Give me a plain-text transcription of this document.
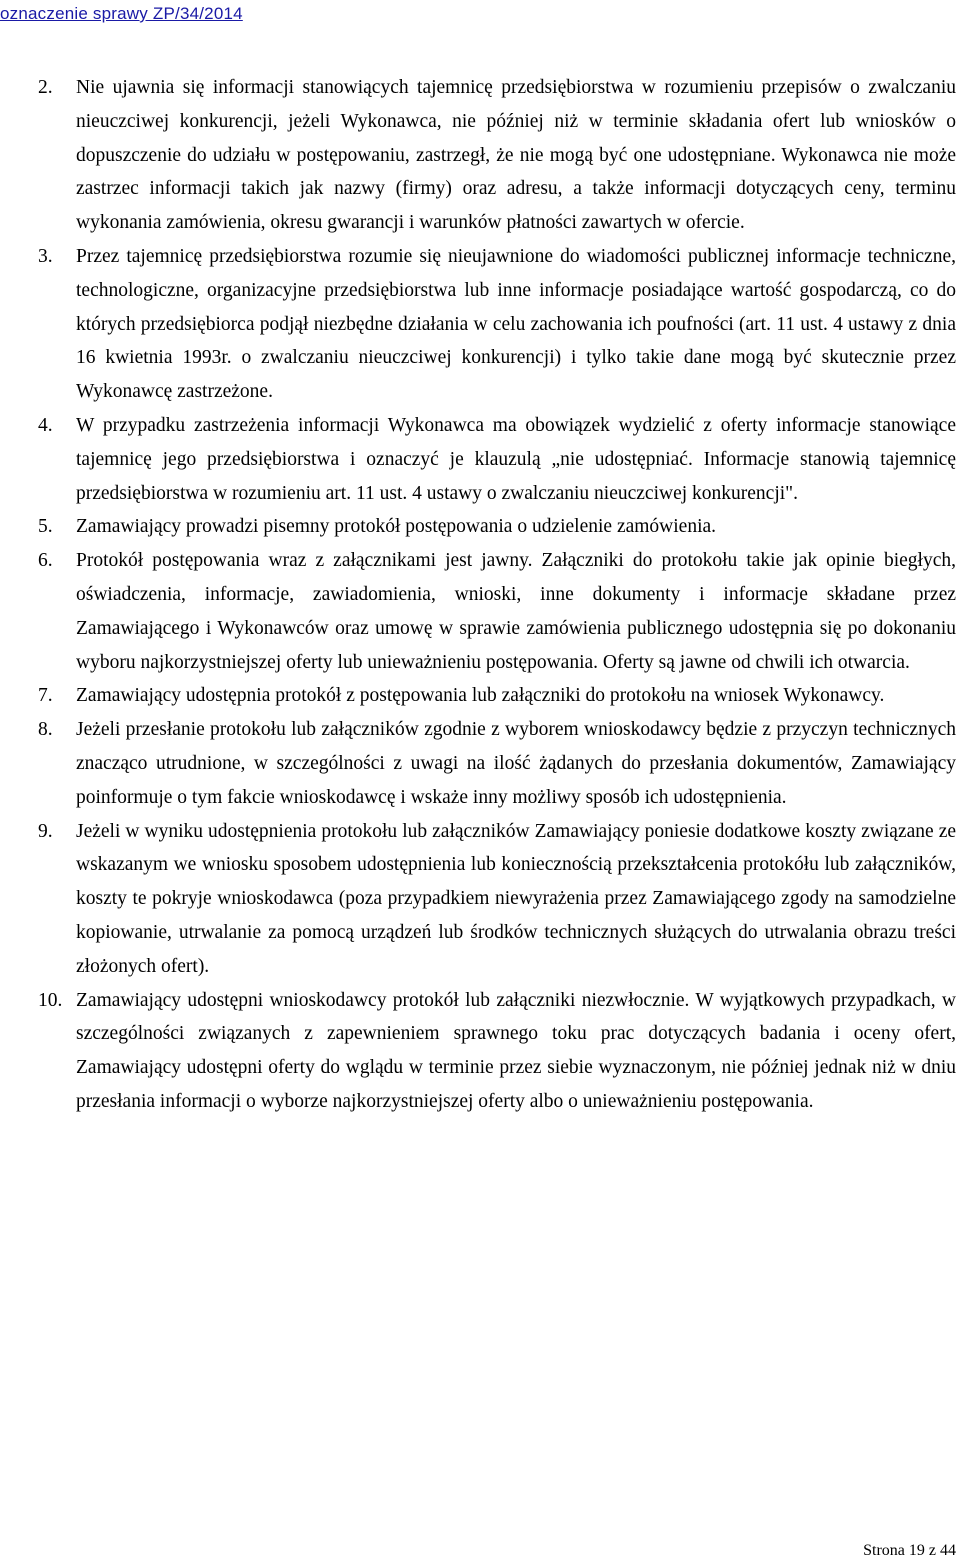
oznaczenie sprawy ZP/34/2014
2.	Nie ujawnia się informacji stanowiących tajemnicę przedsiębiorstwa w rozumieniu przepisów o zwalczaniu nieuczciwej konkurencji, jeżeli Wykonawca, nie później niż w terminie składania ofert lub wniosków o dopuszczenie do udziału w postępowaniu, zastrzegł, że nie mogą być one udostępniane. Wykonawca nie może zastrzec informacji takich jak nazwy (firmy) oraz adresu, a także informacji dotyczących ceny, terminu wykonania zamówienia, okresu gwarancji i warunków płatności zawartych w ofercie.
3.	Przez tajemnicę przedsiębiorstwa rozumie się nieujawnione do wiadomości publicznej informacje techniczne, technologiczne, organizacyjne przedsiębiorstwa lub inne informacje posiadające wartość gospodarczą, co do których przedsiębiorca podjął niezbędne działania w celu zachowania ich poufności (art. 11 ust. 4 ustawy z dnia 16 kwietnia 1993r. o zwalczaniu nieuczciwej konkurencji) i tylko takie dane mogą być skutecznie przez Wykonawcę zastrzeżone.
4.	W przypadku zastrzeżenia informacji Wykonawca ma obowiązek wydzielić z oferty informacje stanowiące tajemnicę jego przedsiębiorstwa i oznaczyć je klauzulą „nie udostępniać. Informacje stanowią tajemnicę przedsiębiorstwa w rozumieniu art. 11 ust. 4 ustawy o zwalczaniu nieuczciwej konkurencji".
5.	Zamawiający prowadzi pisemny protokół postępowania o udzielenie zamówienia.
6.	Protokół postępowania wraz z załącznikami jest jawny. Załączniki do protokołu takie jak opinie biegłych, oświadczenia, informacje, zawiadomienia, wnioski, inne dokumenty i informacje składane przez Zamawiającego i Wykonawców oraz umowę w sprawie zamówienia publicznego udostępnia się po dokonaniu wyboru najkorzystniejszej oferty lub unieważnieniu postępowania. Oferty są jawne od chwili ich otwarcia.
7.	Zamawiający udostępnia protokół z postępowania lub załączniki do protokołu na wniosek Wykonawcy.
8.	Jeżeli przesłanie protokołu lub załączników zgodnie z wyborem wnioskodawcy będzie z przyczyn technicznych znacząco utrudnione, w szczególności z uwagi na ilość żądanych do przesłania dokumentów, Zamawiający poinformuje o tym fakcie wnioskodawcę i wskaże inny możliwy sposób ich udostępnienia.
9.	Jeżeli w wyniku udostępnienia protokołu lub załączników Zamawiający poniesie dodatkowe koszty związane ze wskazanym we wniosku sposobem udostępnienia lub koniecznością przekształcenia protokółu lub załączników, koszty te pokryje wnioskodawca (poza przypadkiem niewyrażenia przez Zamawiającego zgody na samodzielne kopiowanie, utrwalanie za pomocą urządzeń lub środków technicznych służących do utrwalania obrazu treści złożonych ofert).
10. Zamawiający udostępni wnioskodawcy protokół lub załączniki niezwłocznie. W wyjątkowych przypadkach, w szczególności związanych z zapewnieniem sprawnego toku prac dotyczących badania i oceny ofert, Zamawiający udostępni oferty do wglądu w terminie przez siebie wyznaczonym, nie później jednak niż w dniu przesłania informacji o wyborze najkorzystniejszej oferty albo o unieważnieniu postępowania.
Strona 19 z 44
